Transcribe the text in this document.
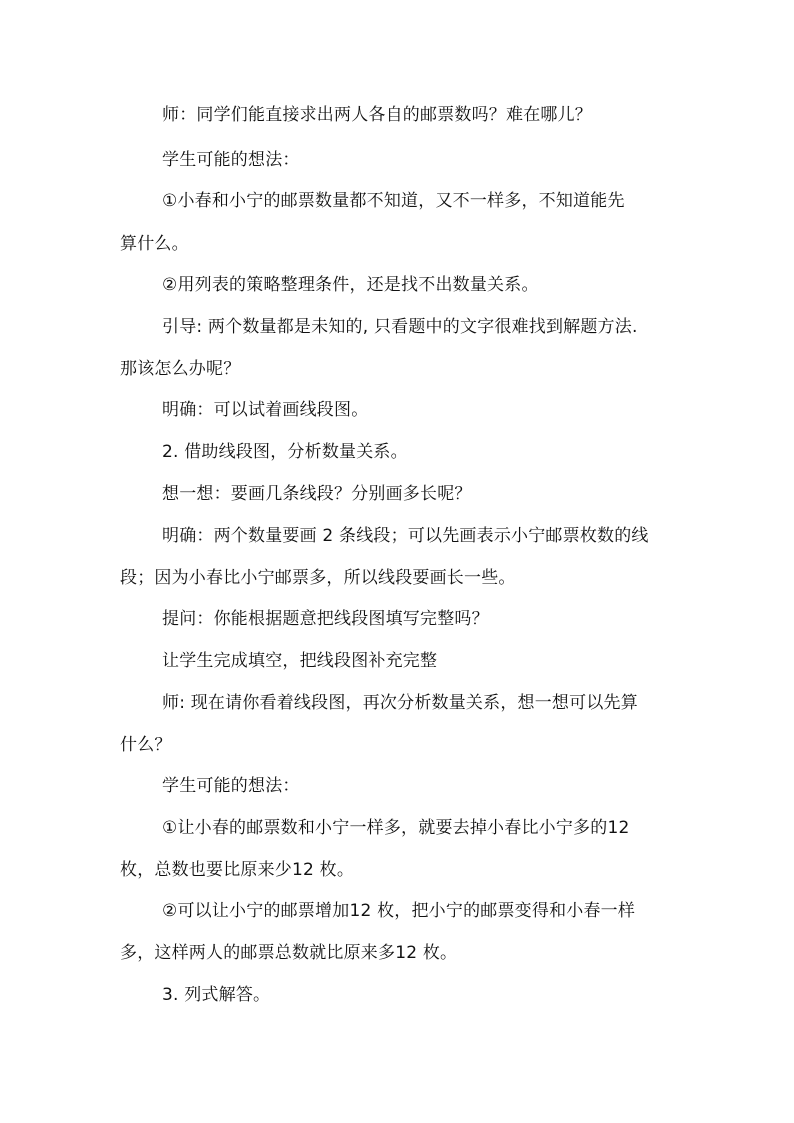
师：同学们能直接求出两人各自的邮票数吗？难在哪儿？
学生可能的想法：
①小春和小宁的邮票数量都不知道，又不一样多，不知道能先
算什么。
②用列表的策略整理条件，还是找不出数量关系。
引导: 两个数量都是未知的, 只看题中的文字很难找到解题方法.
那该怎么办呢？
明确：可以试着画线段图。
2. 借助线段图，分析数量关系。
想一想：要画几条线段？分别画多长呢？
明确：两个数量要画 2 条线段；可以先画表示小宁邮票枚数的线
段；因为小春比小宁邮票多，所以线段要画长一些。
提问：你能根据题意把线段图填写完整吗？
让学生完成填空，把线段图补充完整
师: 现在请你看着线段图，再次分析数量关系，想一想可以先算
什么？
学生可能的想法：
①让小春的邮票数和小宁一样多，就要去掉小春比小宁多的12
枚，总数也要比原来少12 枚。
②可以让小宁的邮票增加12 枚，把小宁的邮票变得和小春一样
多，这样两人的邮票总数就比原来多12 枚。
3. 列式解答。
